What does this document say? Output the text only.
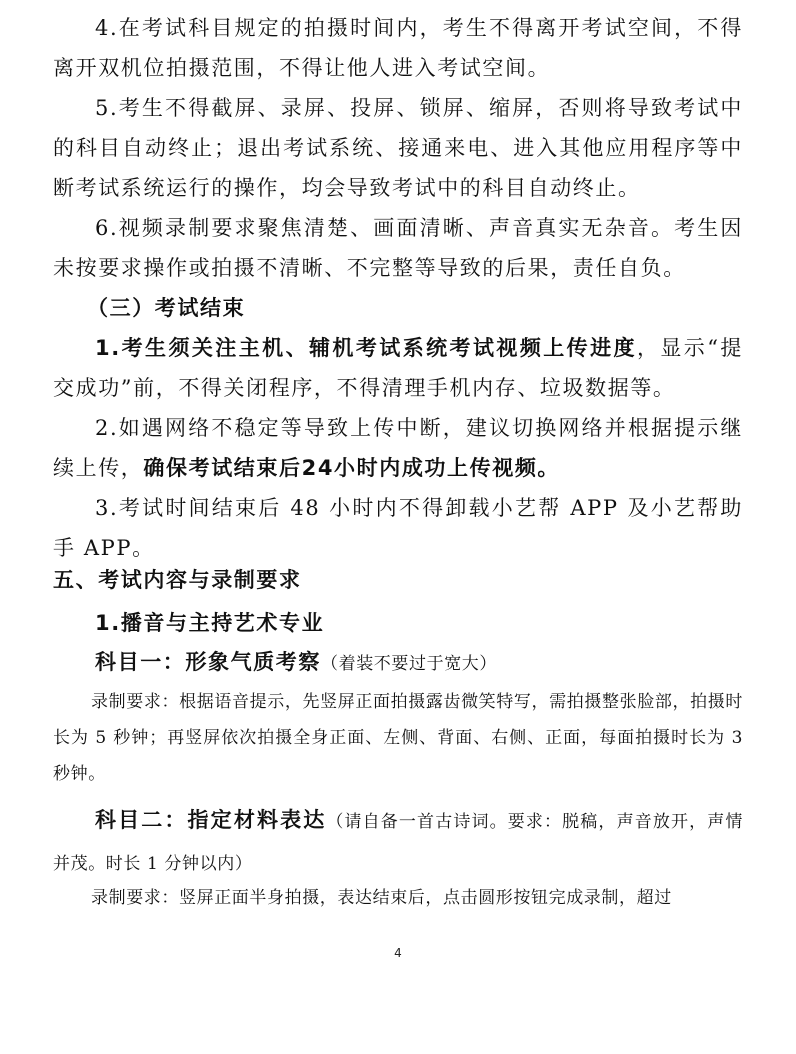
4.在考试科目规定的拍摄时间内，考生不得离开考试空间，不得离开双机位拍摄范围，不得让他人进入考试空间。

5.考生不得截屏、录屏、投屏、锁屏、缩屏，否则将导致考试中的科目自动终止；退出考试系统、接通来电、进入其他应用程序等中断考试系统运行的操作，均会导致考试中的科目自动终止。

6.视频录制要求聚焦清楚、画面清晰、声音真实无杂音。考生因未按要求操作或拍摄不清晰、不完整等导致的后果，责任自负。

（三）考试结束

1.考生须关注主机、辅机考试系统考试视频上传进度，显示“提交成功”前，不得关闭程序，不得清理手机内存、垃圾数据等。

2.如遇网络不稳定等导致上传中断，建议切换网络并根据提示继续上传，确保考试结束后24小时内成功上传视频。

3.考试时间结束后 48 小时内不得卸载小艺帮 APP 及小艺帮助手 APP。

五、考试内容与录制要求

1.播音与主持艺术专业

科目一：形象气质考察（着装不要过于宽大）

录制要求：根据语音提示，先竖屏正面拍摄露齿微笑特写，需拍摄整张脸部，拍摄时长为 5 秒钟；再竖屏依次拍摄全身正面、左侧、背面、右侧、正面，每面拍摄时长为 3 秒钟。

科目二：指定材料表达（请自备一首古诗词。要求：脱稿，声音放开，声情并茂。时长 1 分钟以内）

录制要求：竖屏正面半身拍摄，表达结束后，点击圆形按钮完成录制，超过

4
